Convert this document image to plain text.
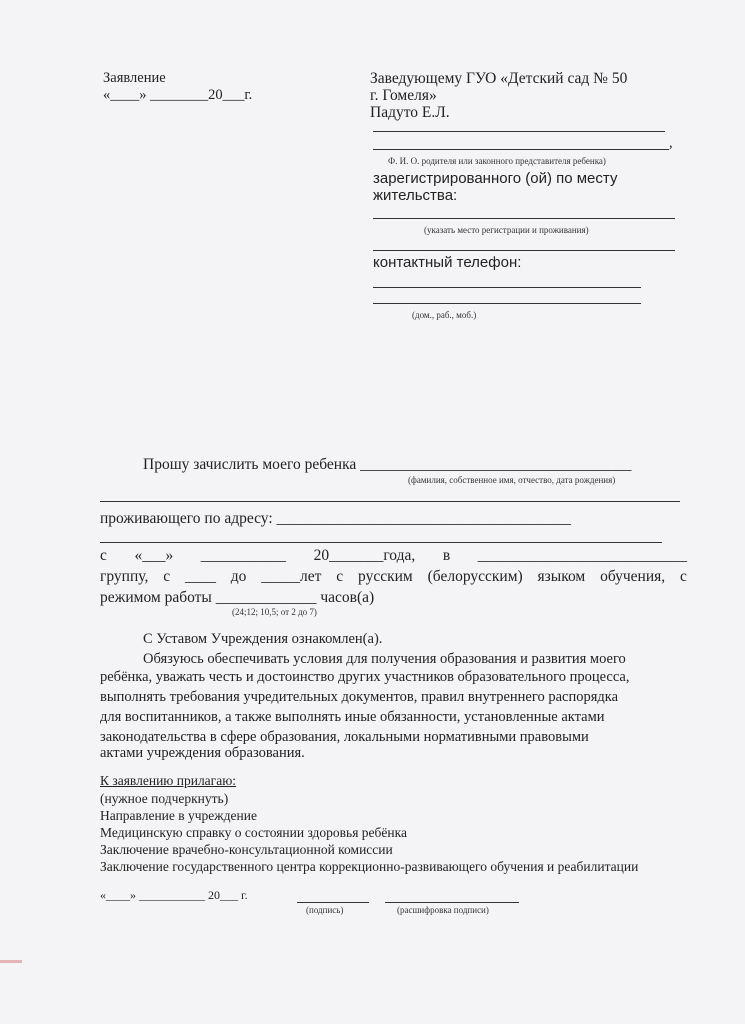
Заявление
«____» ________20___г.
Заведующему ГУО «Детский сад № 50
г. Гомеля»
Падуто Е.Л.
,
Ф. И. О. родителя или законного представителя ребенка)
зарегистрированного (ой) по месту
жительства:
(указать место регистрации и проживания)
контактный телефон:
(дом., раб., моб.)
Прошу зачислить моего ребенка ___________________________________
(фамилия, собственное имя, отчество, дата рождения)
проживающего по адресу: ______________________________________
с «___» ___________ 20_______года, в ___________________________
группу, с ____ до _____лет с русским (белорусским) языком обучения, с
режимом работы _____________ часов(а)
(24;12; 10,5; от 2 до 7)
С Уставом Учреждения ознакомлен(а).
Обязуюсь обеспечивать условия для получения образования и развития моего
ребёнка, уважать честь и достоинство других участников образовательного процесса,
выполнять требования учредительных документов, правил внутреннего распорядка
для воспитанников, а также выполнять иные обязанности, установленные актами
законодательства в сфере образования, локальными нормативными правовыми
актами учреждения образования.
К заявлению прилагаю:
(нужное подчеркнуть)
Направление в учреждение
Медицинскую справку о состоянии здоровья ребёнка
Заключение врачебно-консультационной комиссии
Заключение государственного центра коррекционно-развивающего обучения и реабилитации
«____» ___________ 20___ г.
(подпись)	(расшифровка подписи)
